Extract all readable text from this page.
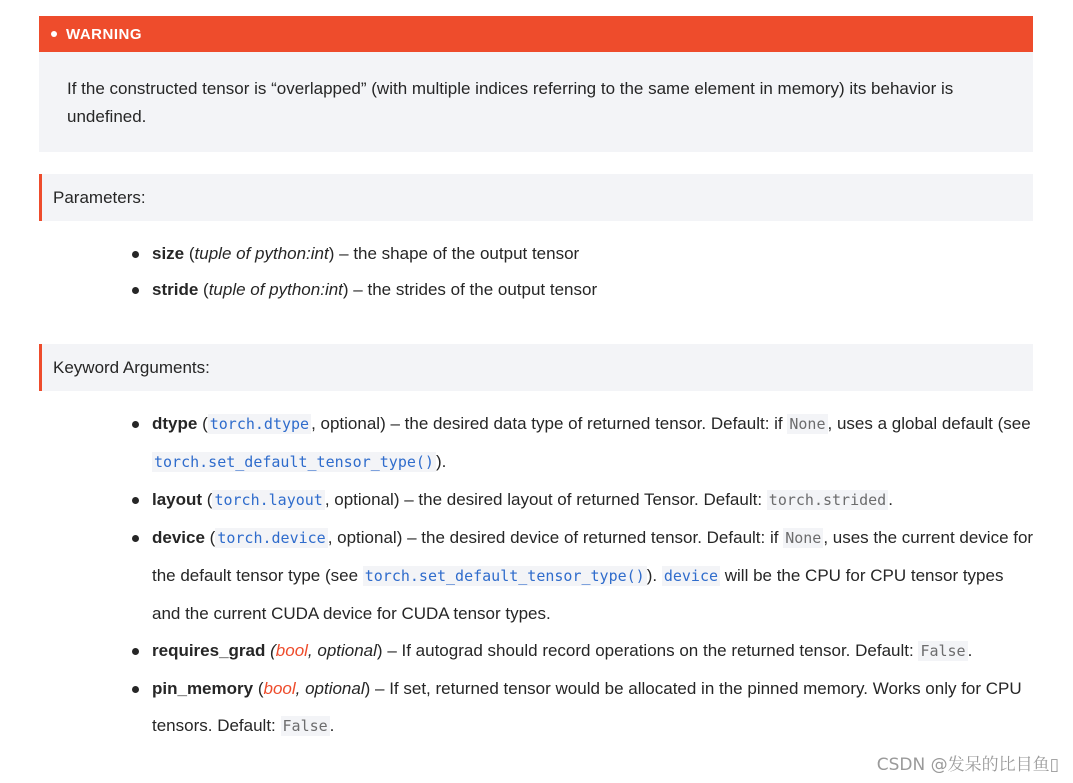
WARNING
If the constructed tensor is “overlapped” (with multiple indices referring to the same element in memory) its behavior is undefined.
Parameters:
size (tuple of python:int) – the shape of the output tensor
stride (tuple of python:int) – the strides of the output tensor
Keyword Arguments:
dtype ( torch.dtype , optional) – the desired data type of returned tensor. Default: if None , uses a global default (see torch.set_default_tensor_type() ).
layout ( torch.layout , optional) – the desired layout of returned Tensor. Default: torch.strided .
device ( torch.device , optional) – the desired device of returned tensor. Default: if None , uses the current device for the default tensor type (see torch.set_default_tensor_type() ). device will be the CPU for CPU tensor types and the current CUDA device for CUDA tensor types.
requires_grad (bool, optional) – If autograd should record operations on the returned tensor. Default: False .
pin_memory (bool, optional) – If set, returned tensor would be allocated in the pinned memory. Works only for CPU tensors. Default: False .
CSDN @发呆的比目鱼▯
